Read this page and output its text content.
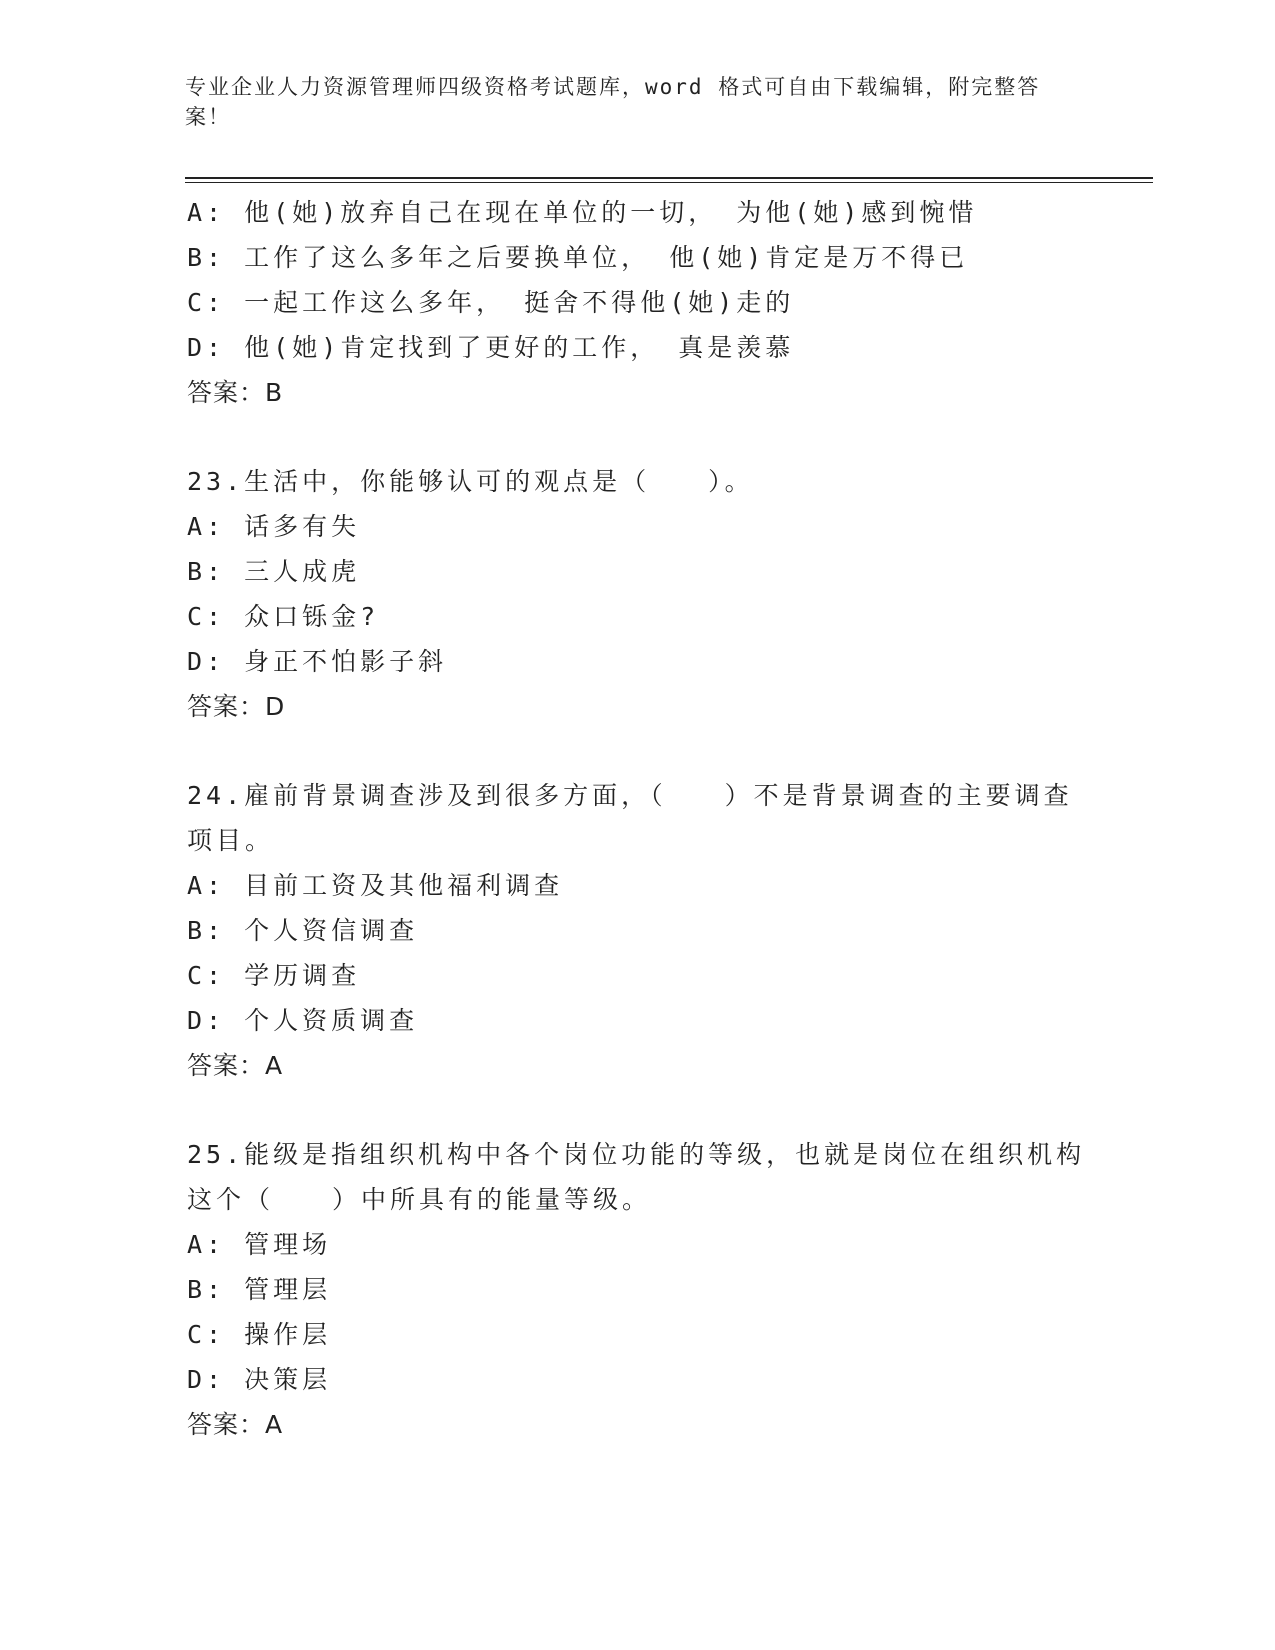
专业企业人力资源管理师四级资格考试题库，word 格式可自由下载编辑，附完整答案！
A: 他(她)放弃自己在现在单位的一切， 为他(她)感到惋惜
B: 工作了这么多年之后要换单位， 他(她)肯定是万不得已
C: 一起工作这么多年， 挺舍不得他(她)走的
D: 他(她)肯定找到了更好的工作， 真是羡慕
答案：B
23.生活中，你能够认可的观点是（　　）。
A: 话多有失
B: 三人成虎
C: 众口铄金?
D: 身正不怕影子斜
答案：D
24.雇前背景调查涉及到很多方面，（　　）不是背景调查的主要调查项目。
A: 目前工资及其他福利调查
B: 个人资信调查
C: 学历调查
D: 个人资质调查
答案：A
25.能级是指组织机构中各个岗位功能的等级，也就是岗位在组织机构这个（　　）中所具有的能量等级。
A: 管理场
B: 管理层
C: 操作层
D: 决策层
答案：A
